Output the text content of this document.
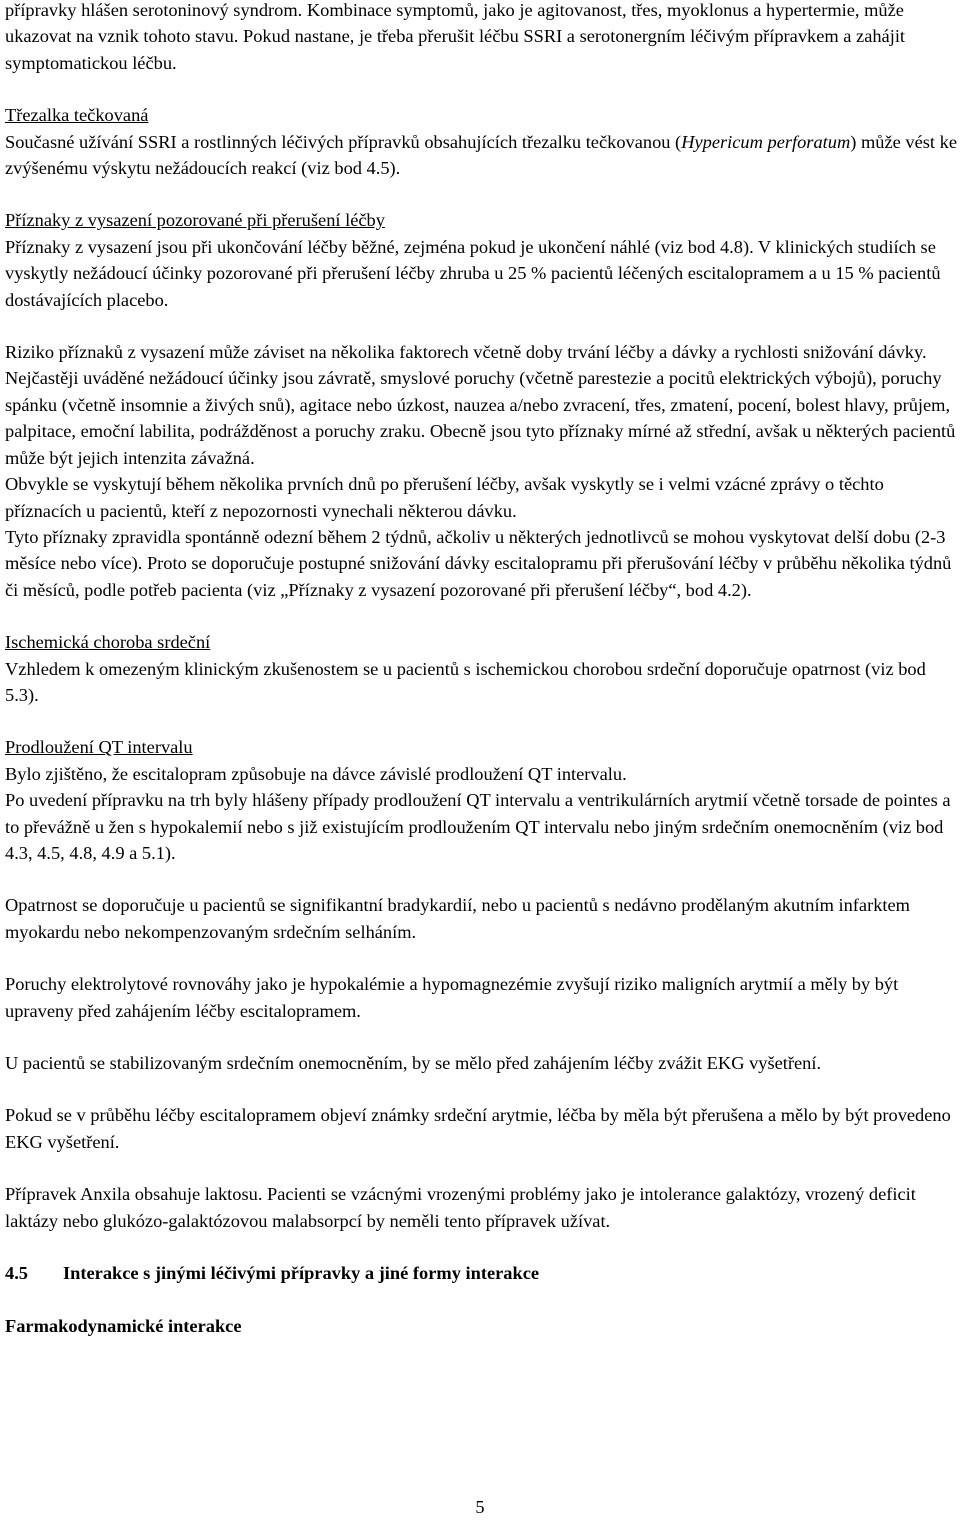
přípravky hlášen serotoninový syndrom. Kombinace symptomů, jako je agitovanost, třes, myoklonus a hypertermie, může ukazovat na vznik tohoto stavu. Pokud nastane, je třeba přerušit léčbu SSRI a serotonergním léčivým přípravkem a zahájit symptomatickou léčbu.

Třezalka tečkovaná

Současné užívání SSRI a rostlinných léčivých přípravků obsahujících třezalku tečkovanou (Hypericum perforatum) může vést ke zvýšenému výskytu nežádoucích reakcí (viz bod 4.5).

Příznaky z vysazení pozorované při přerušení léčby

Příznaky z vysazení jsou při ukončování léčby běžné, zejména pokud je ukončení náhlé (viz bod 4.8). V klinických studiích se vyskytly nežádoucí účinky pozorované při přerušení léčby zhruba u 25 % pacientů léčených escitalopramem a u 15 % pacientů dostávajících placebo.

Riziko příznaků z vysazení může záviset na několika faktorech včetně doby trvání léčby a dávky a rychlosti snižování dávky. Nejčastěji uváděné nežádoucí účinky jsou závratě, smyslové poruchy (včetně parestezie a pocitů elektrických výbojů), poruchy spánku (včetně insomnie a živých snů), agitace nebo úzkost, nauzea a/nebo zvracení, třes, zmatení, pocení, bolest hlavy, průjem, palpitace, emoční labilita, podrážděnost a poruchy zraku. Obecně jsou tyto příznaky mírné až střední, avšak u některých pacientů může být jejich intenzita závažná.

Obvykle se vyskytují během několika prvních dnů po přerušení léčby, avšak vyskytly se i velmi vzácné zprávy o těchto příznacích u pacientů, kteří z nepozornosti vynechali některou dávku.

Tyto příznaky zpravidla spontánně odezní během 2 týdnů, ačkoliv u některých jednotlivců se mohou vyskytovat delší dobu (2-3 měsíce nebo více). Proto se doporučuje postupné snižování dávky escitalopramu při přerušování léčby v průběhu několika týdnů či měsíců, podle potřeb pacienta (viz „Příznaky z vysazení pozorované při přerušení léčby“, bod 4.2).

Ischemická choroba srdeční

Vzhledem k omezeným klinickým zkušenostem se u pacientů s ischemickou chorobou srdeční doporučuje opatrnost (viz bod 5.3).

Prodloužení QT intervalu

Bylo zjištěno, že escitalopram způsobuje na dávce závislé prodloužení QT intervalu.

Po uvedení přípravku na trh byly hlášeny případy prodloužení QT intervalu a ventrikulárních arytmií včetně torsade de pointes a to převážně u žen s hypokalemií nebo s již existujícím prodloužením QT intervalu nebo jiným srdečním onemocněním (viz bod 4.3, 4.5, 4.8, 4.9 a 5.1).

Opatrnost se doporučuje u pacientů se signifikantní bradykardií, nebo u pacientů s nedávno prodělaným akutním infarktem myokardu nebo nekompenzovaným srdečním selháním.

Poruchy elektrolytové rovnováhy jako je hypokalémie a hypomagnezémie zvyšují riziko maligních arytmií a měly by být upraveny před zahájením léčby escitalopramem.

U pacientů se stabilizovaným srdečním onemocněním, by se mělo před zahájením léčby zvážit EKG vyšetření.

Pokud se v průběhu léčby escitalopramem objeví známky srdeční arytmie, léčba by měla být přerušena a mělo by být provedeno EKG vyšetření.

Přípravek Anxila obsahuje laktosu. Pacienti se vzácnými vrozenými problémy jako je intolerance galaktózy, vrozený deficit laktázy nebo glukózo-galaktózovou malabsorpcí by neměli tento přípravek užívat.

4.5 Interakce s jinými léčivými přípravky a jiné formy interakce

Farmakodynamické interakce

5
